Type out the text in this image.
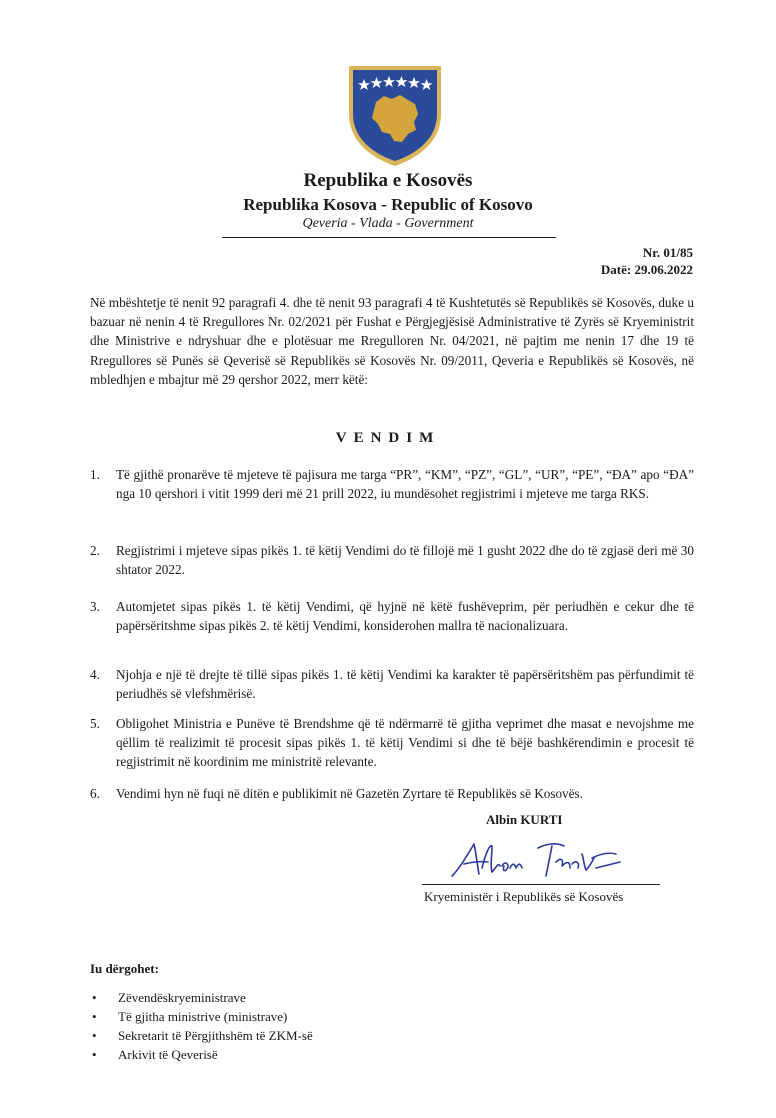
Republika e Kosovës
Republika Kosova - Republic of Kosovo
Qeveria - Vlada - Government
Nr. 01/85
Datë: 29.06.2022
Në mbështetje të nenit 92 paragrafi 4. dhe të nenit 93 paragrafi 4 të Kushtetutës së Republikës së Kosovës, duke u bazuar në nenin 4 të Rregullores Nr. 02/2021 për Fushat e Përgjegjësisë Administrative të Zyrës së Kryeministrit dhe Ministrive e ndryshuar dhe e plotësuar me Rregulloren Nr. 04/2021, në pajtim me nenin 17 dhe 19 të Rregullores së Punës së Qeverisë së Republikës së Kosovës Nr. 09/2011, Qeveria e Republikës së Kosovës, në mbledhjen e mbajtur më 29 qershor 2022, merr këtë:
VENDIM
1.	Të gjithë pronarëve të mjeteve të pajisura me targa “PR”, “KM”, “PZ”, “GL”, “UR”, “PE”, “ĐA” apo “ÐA” nga 10 qershori i vitit 1999 deri më 21 prill 2022, iu mundësohet regjistrimi i mjeteve me targa RKS.
2.	Regjistrimi i mjeteve sipas pikës 1. të këtij Vendimi do të fillojë më 1 gusht 2022 dhe do të zgjasë deri më 30 shtator 2022.
3.	Automjetet sipas pikës 1. të këtij Vendimi, që hyjnë në këtë fushëveprim, për periudhën e cekur dhe të papërsëritshme sipas pikës 2. të këtij Vendimi, konsiderohen mallra të nacionalizuara.
4.	Njohja e një të drejte të tillë sipas pikës 1. të këtij Vendimi ka karakter të papërsëritshëm pas përfundimit të periudhës së vlefshmërisë.
5.	Obligohet Ministria e Punëve të Brendshme që të ndërmarrë të gjitha veprimet dhe masat e nevojshme me qëllim të realizimit të procesit sipas pikës 1. të këtij Vendimi si dhe të bëjë bashkërendimin e procesit të regjistrimit në koordinim me ministritë relevante.
6.	Vendimi hyn në fuqi në ditën e publikimit në Gazetën Zyrtare të Republikës së Kosovës.
Albin KURTI
Kryeministër i Republikës së Kosovës
Iu dërgohet:
• Zëvendëskryeministrave
• Të gjitha ministrive (ministrave)
• Sekretarit të Përgjithshëm të ZKM-së
• Arkivit të Qeverisë
